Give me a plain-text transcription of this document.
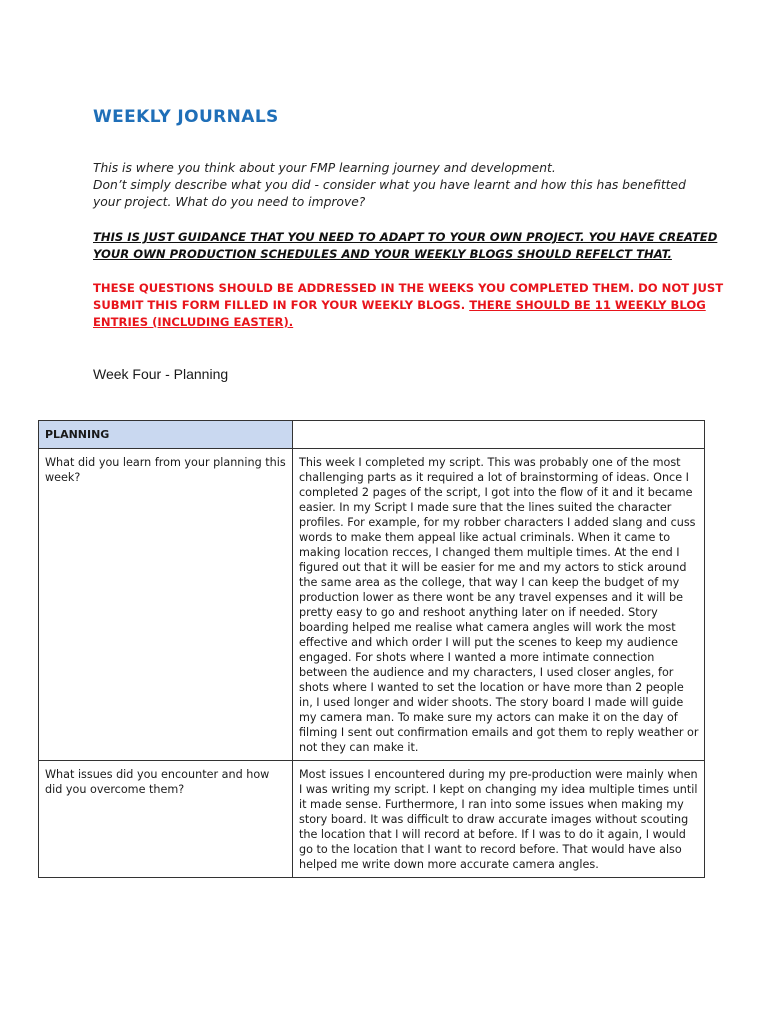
WEEKLY JOURNALS

This is where you think about your FMP learning journey and development.
Don’t simply describe what you did - consider what you have learnt and how this has benefitted your project. What do you need to improve?

THIS IS JUST GUIDANCE THAT YOU NEED TO ADAPT TO YOUR OWN PROJECT. YOU HAVE CREATED YOUR OWN PRODUCTION SCHEDULES AND YOUR WEEKLY BLOGS SHOULD REFELCT THAT.

THESE QUESTIONS SHOULD BE ADDRESSED IN THE WEEKS YOU COMPLETED THEM. DO NOT JUST SUBMIT THIS FORM FILLED IN FOR YOUR WEEKLY BLOGS. THERE SHOULD BE 11 WEEKLY BLOG ENTRIES (INCLUDING EASTER).

Week Four - Planning

PLANNING	
What did you learn from your planning this week?	This week I completed my script. This was probably one of the most challenging parts as it required a lot of brainstorming of ideas. Once I completed 2 pages of the script, I got into the flow of it and it became easier. In my Script I made sure that the lines suited the character profiles. For example, for my robber characters I added slang and cuss words to make them appeal like actual criminals. When it came to making location recces, I changed them multiple times. At the end I figured out that it will be easier for me and my actors to stick around the same area as the college, that way I can keep the budget of my production lower as there wont be any travel expenses and it will be pretty easy to go and reshoot anything later on if needed. Story boarding helped me realise what camera angles will work the most effective and which order I will put the scenes to keep my audience engaged. For shots where I wanted a more intimate connection between the audience and my characters, I used closer angles, for shots where I wanted to set the location or have more than 2 people in, I used longer and wider shoots. The story board I made will guide my camera man. To make sure my actors can make it on the day of filming I sent out confirmation emails and got them to reply weather or not they can make it.
What issues did you encounter and how did you overcome them?	Most issues I encountered during my pre-production were mainly when I was writing my script. I kept on changing my idea multiple times until it made sense. Furthermore, I ran into some issues when making my story board. It was difficult to draw accurate images without scouting the location that I will record at before. If I was to do it again, I would go to the location that I want to record before. That would have also helped me write down more accurate camera angles.
